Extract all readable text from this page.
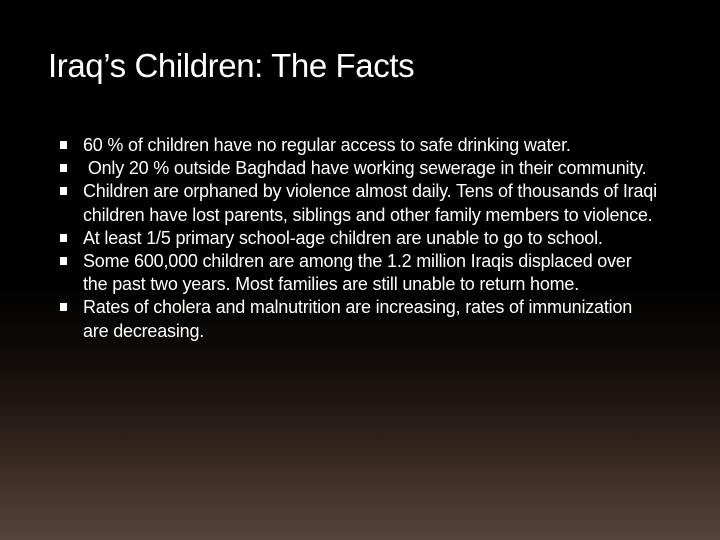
Iraq’s Children: The Facts
60 % of children have no regular access to safe drinking water.
Only 20 % outside Baghdad have working sewerage in their community.
Children are orphaned by violence almost daily. Tens of thousands of Iraqi children have lost parents, siblings and other family members to violence.
At least 1/5 primary school-age children are unable to go to school.
Some 600,000 children are among the 1.2 million Iraqis displaced over the past two years. Most families are still unable to return home.
Rates of cholera and malnutrition are increasing, rates of immunization are decreasing.
